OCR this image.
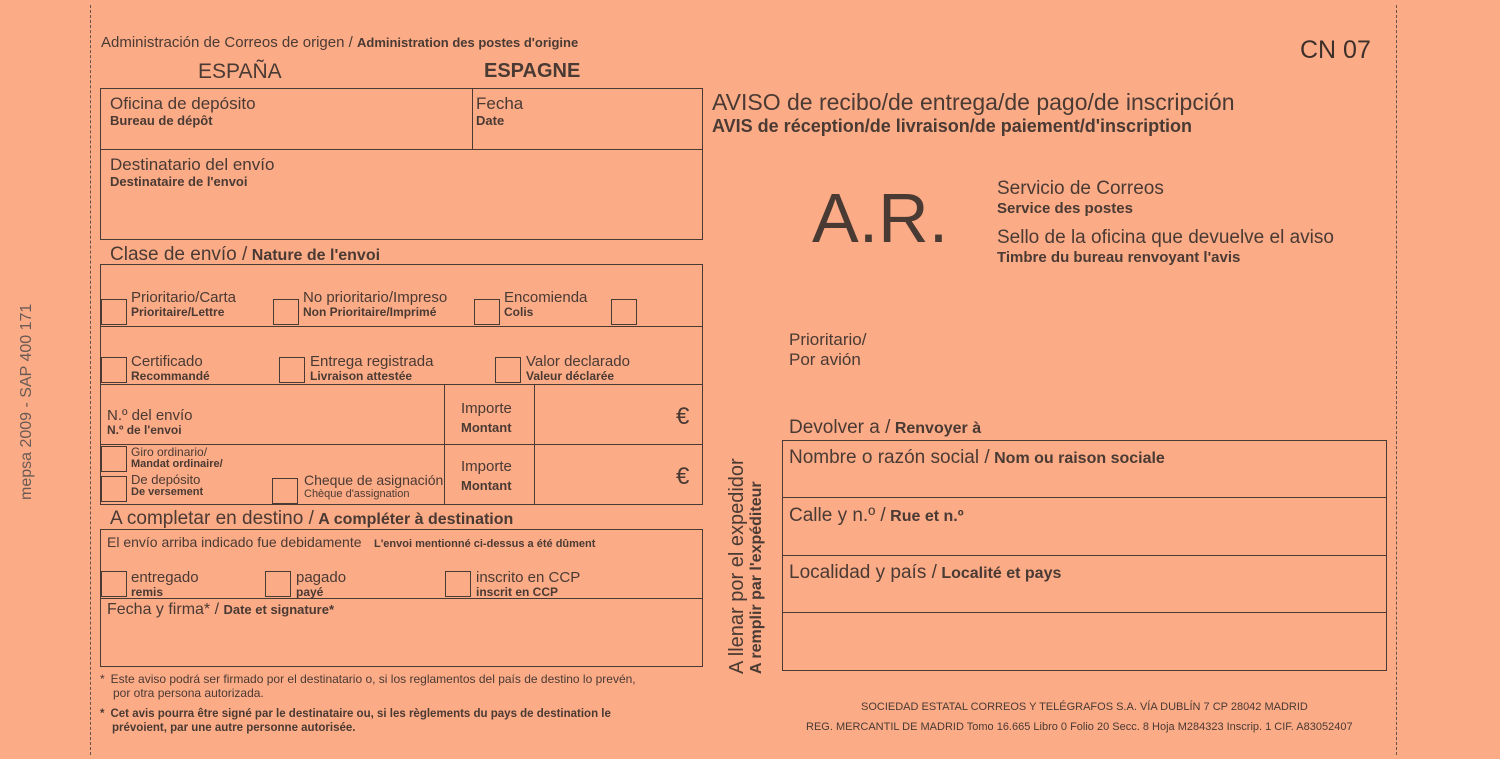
mepsa 2009 - SAP 400 171
Administración de Correos de origen / Administration des postes d'origine
ESPAÑA	ESPAGNE
CN 07
Oficina de depósito
Bureau de dépôt
Fecha
Date
Destinatario del envío
Destinataire de l'envoi
Clase de envío / Nature de l'envoi
Prioritario/Carta
Prioritaire/Lettre
No prioritario/Impreso
Non Prioritaire/Imprimé
Encomienda
Colis
Certificado
Recommandé
Entrega registrada
Livraison attestée
Valor declarado
Valeur déclarée
N.º del envío
N.º de l'envoi
Importe
Montant	€
Giro ordinario/
Mandat ordinaire/
De depósito
De versement
Cheque de asignación
Chèque d'assignation
Importe
Montant	€
A completar en destino / A compléter à destination
El envío arriba indicado fue debidamente L'envoi mentionné ci-dessus a été dûment
entregado
remis
pagado
payé
inscrito en CCP
inscrit en CCP
Fecha y firma* / Date et signature*
* Este aviso podrá ser firmado por el destinatario o, si los reglamentos del país de destino lo prevén,
por otra persona autorizada.
* Cet avis pourra être signé par le destinataire ou, si les règlements du pays de destination le
prévoient, par une autre personne autorisée.
AVISO de recibo/de entrega/de pago/de inscripción
AVIS de réception/de livraison/de paiement/d'inscription
A.R.	Servicio de Correos
Service des postes
Sello de la oficina que devuelve el aviso
Timbre du bureau renvoyant l'avis
Prioritario/
Por avión
A llenar por el expedidor A remplir par l'expéditeur
Devolver a / Renvoyer à
Nombre o razón social / Nom ou raison sociale
Calle y n.º / Rue et n.º
Localidad y país / Localité et pays
SOCIEDAD ESTATAL CORREOS Y TELÉGRAFOS S.A. VÍA DUBLÍN 7 CP 28042 MADRID
REG. MERCANTIL DE MADRID Tomo 16.665 Libro 0 Folio 20 Secc. 8 Hoja M284323 Inscrip. 1 CIF. A83052407
